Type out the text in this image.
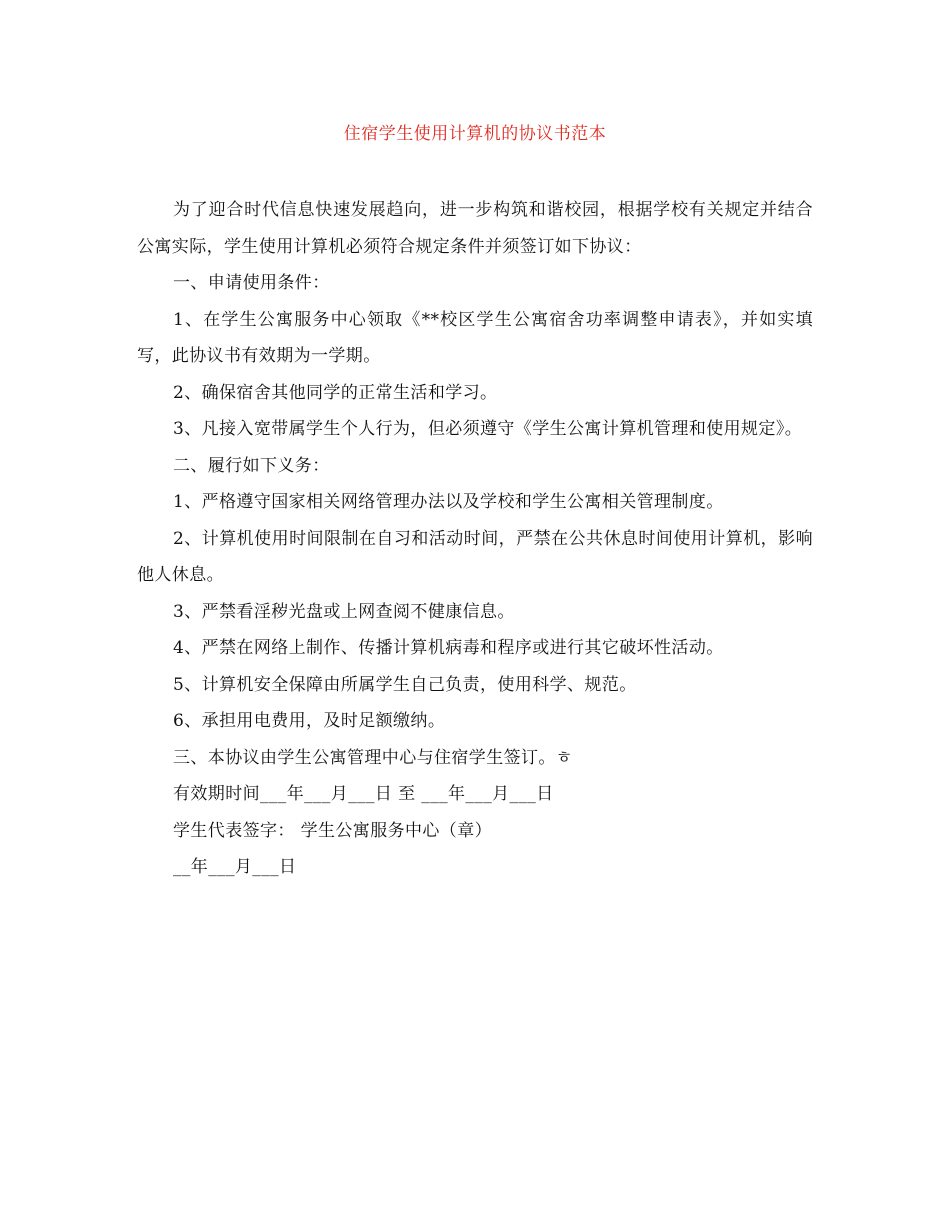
住宿学生使用计算机的协议书范本

为了迎合时代信息快速发展趋向，进一步构筑和谐校园，根据学校有关规定并结合公寓实际，学生使用计算机必须符合规定条件并须签订如下协议：

一、申请使用条件：

1、在学生公寓服务中心领取《**校区学生公寓宿舍功率调整申请表》，并如实填写，此协议书有效期为一学期。

2、确保宿舍其他同学的正常生活和学习。

3、凡接入宽带属学生个人行为，但必须遵守《学生公寓计算机管理和使用规定》。

二、履行如下义务：

1、严格遵守国家相关网络管理办法以及学校和学生公寓相关管理制度。

2、计算机使用时间限制在自习和活动时间，严禁在公共休息时间使用计算机，影响他人休息。

3、严禁看淫秽光盘或上网查阅不健康信息。

4、严禁在网络上制作、传播计算机病毒和程序或进行其它破坏性活动。

5、计算机安全保障由所属学生自己负责，使用科学、规范。

6、承担用电费用，及时足额缴纳。

三、本协议由学生公寓管理中心与住宿学生签订。ㅎ

有效期时间___年___月___日 至 ___年___月___日

学生代表签字： 学生公寓服务中心（章）

__年___月___日
